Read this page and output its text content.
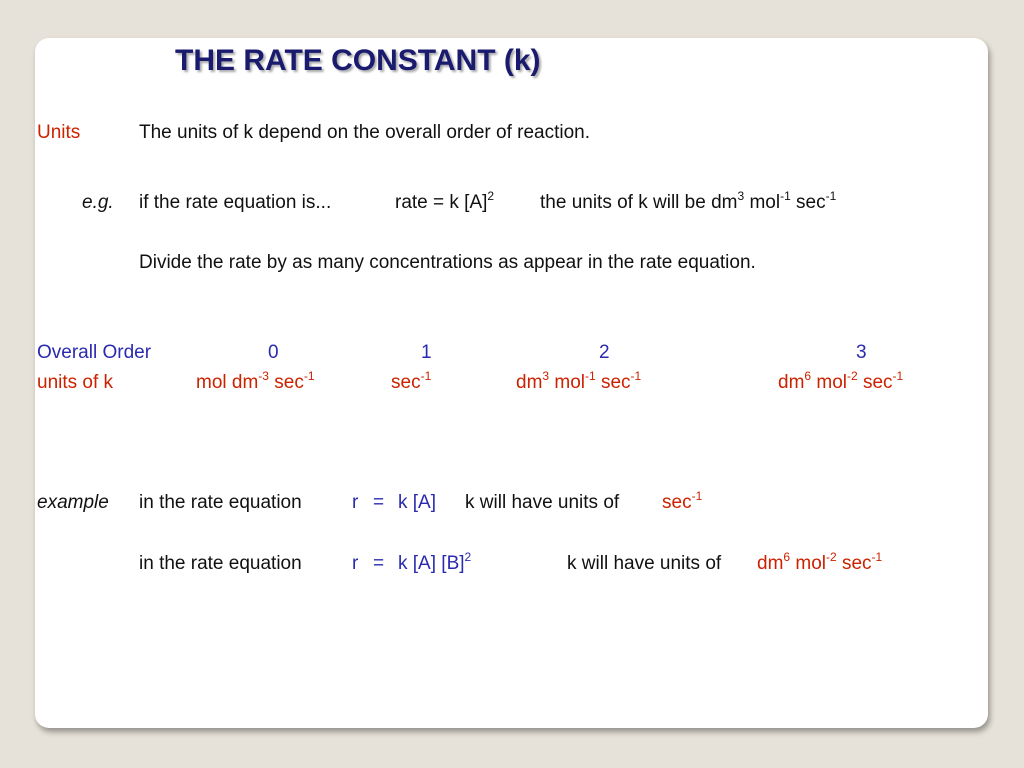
THE RATE CONSTANT (k)
Units	The units of k depend on the overall order of reaction.
e.g. if the rate equation is...	rate = k $[A]^2$ the units of k will be $dm^3$ mol$^{-1}$ $\sec^{-1}$
Divide the rate by as many concentrations as appear in the rate equation.
Overall Order	0	1	2	3
units of k	mol $dm^{-3}$ $\sec^{-1}$	$\sec^{-1}$	$dm^3$ mol$^{-1}$ $\sec^{-1}$	$dm^6$ mol$^{-2}$ $\sec^{-1}$
example in the rate equation	r = k [A] k will have units of $\sec^{-1}$
in the rate equation	r = k [A] $[B]^2$	k will have units of $dm^6$ mol$^{-2}$ $\sec^{-1}$
